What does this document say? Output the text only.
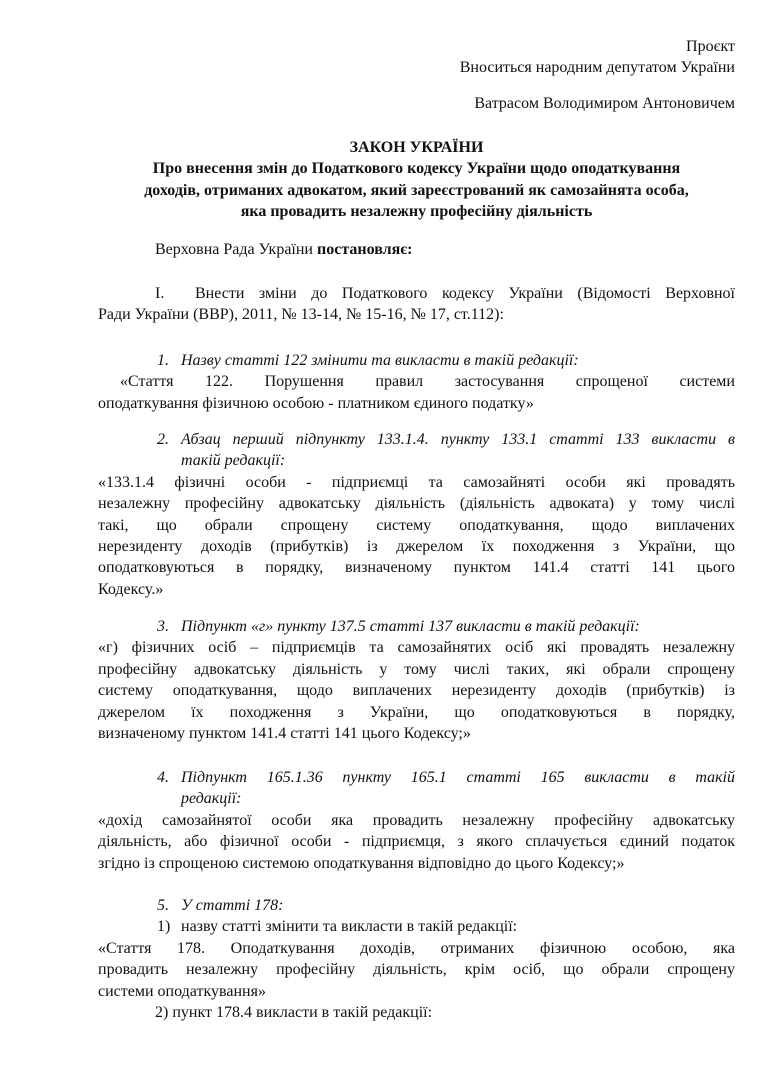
Проєкт
Вноситься народним депутатом України
Ватрасом Володимиром Антоновичем
ЗАКОН УКРАЇНИ
Про внесення змін до Податкового кодексу України щодо оподаткування
доходів, отриманих адвокатом, який зареєстрований як самозайнята особа,
яка провадить незалежну професійну діяльність
Верховна Рада України постановляє:
I.	Внести зміни до Податкового кодексу України (Відомості Верховної
Ради України (ВВР), 2011, № 13-14, № 15-16, № 17, ст.112):
1. Назву статті 122 змінити та викласти в такій редакції:
«Стаття 122. Порушення правил застосування спрощеної системи
оподаткування фізичною особою - платником єдиного податку»
2. Абзац перший підпункту 133.1.4. пункту 133.1 статті 133 викласти в
такій редакції:
«133.1.4 фізичні особи - підприємці та самозайняті особи які провадять
незалежну професійну адвокатську діяльність (діяльність адвоката) у тому числі
такі, що обрали спрощену систему оподаткування, щодо виплачених
нерезиденту доходів (прибутків) із джерелом їх походження з України, що
оподатковуються в порядку, визначеному пунктом 141.4 статті 141 цього
Кодексу.»
3. Підпункт «г» пункту 137.5 статті 137 викласти в такій редакції:
«г) фізичних осіб – підприємців та самозайнятих осіб які провадять незалежну
професійну адвокатську діяльність у тому числі таких, які обрали спрощену
систему оподаткування, щодо виплачених нерезиденту доходів (прибутків) із
джерелом їх походження з України, що оподатковуються в порядку,
визначеному пунктом 141.4 статті 141 цього Кодексу;»
4. Підпункт 165.1.36 пункту 165.1 статті 165 викласти в такій
редакції:
«дохід самозайнятої особи яка провадить незалежну професійну адвокатську
діяльність, або фізичної особи - підприємця, з якого сплачується єдиний податок
згідно із спрощеною системою оподаткування відповідно до цього Кодексу;»
5. У статті 178:
1) назву статті змінити та викласти в такій редакції:
«Стаття 178. Оподаткування доходів, отриманих фізичною особою, яка
провадить незалежну професійну діяльність, крім осіб, що обрали спрощену
системи оподаткування»
2) пункт 178.4 викласти в такій редакції:
